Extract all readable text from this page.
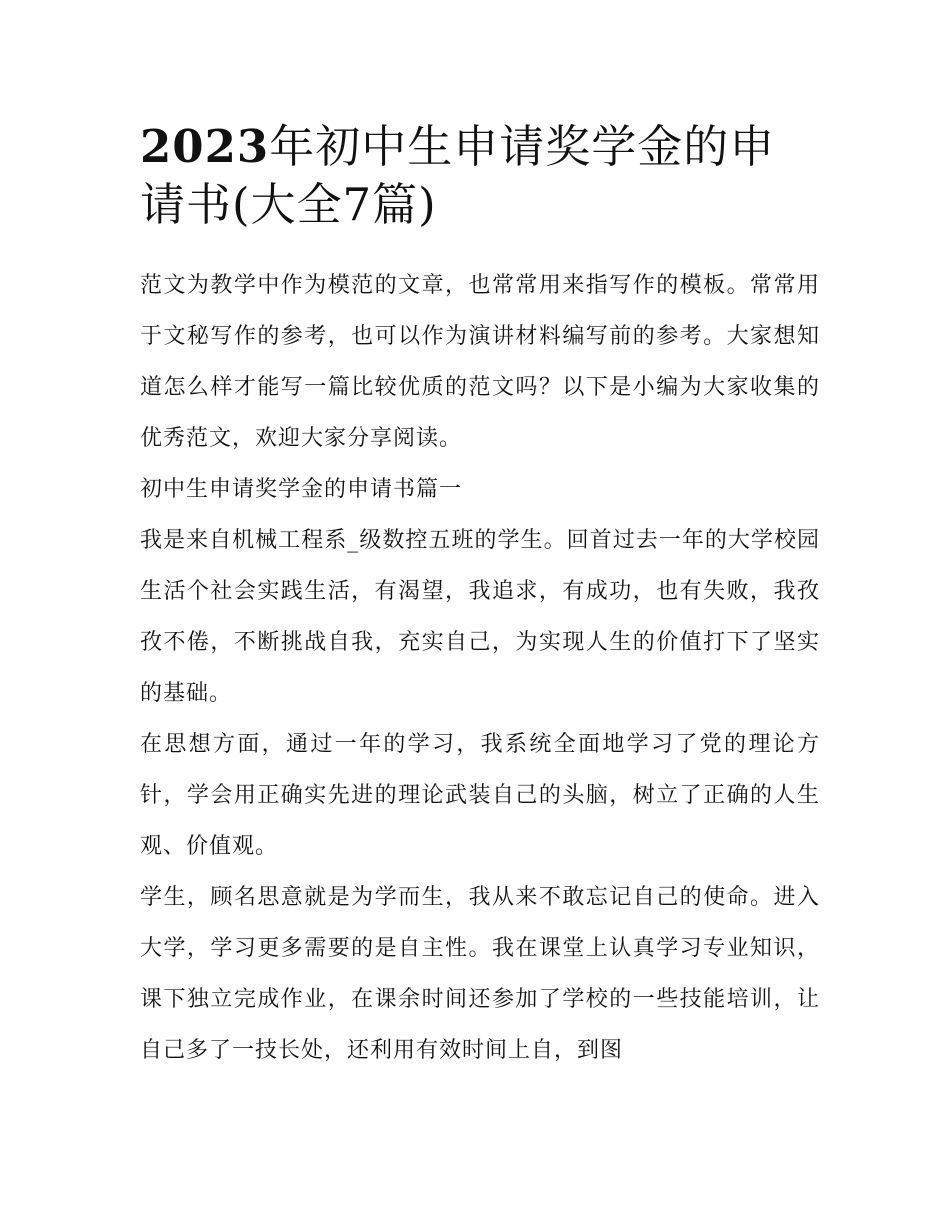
2023年初中生申请奖学金的申请书(大全7篇)

范文为教学中作为模范的文章，也常常用来指写作的模板。常常用于文秘写作的参考，也可以作为演讲材料编写前的参考。大家想知道怎么样才能写一篇比较优质的范文吗？以下是小编为大家收集的优秀范文，欢迎大家分享阅读。

初中生申请奖学金的申请书篇一

我是来自机械工程系_级数控五班的学生。回首过去一年的大学校园生活个社会实践生活，有渴望，我追求，有成功，也有失败，我孜孜不倦，不断挑战自我，充实自己，为实现人生的价值打下了坚实的基础。

在思想方面，通过一年的学习，我系统全面地学习了党的理论方针，学会用正确实先进的理论武装自己的头脑，树立了正确的人生观、价值观。

学生，顾名思意就是为学而生，我从来不敢忘记自己的使命。进入大学，学习更多需要的是自主性。我在课堂上认真学习专业知识，课下独立完成作业，在课余时间还参加了学校的一些技能培训，让自己多了一技长处，还利用有效时间上自，到图
